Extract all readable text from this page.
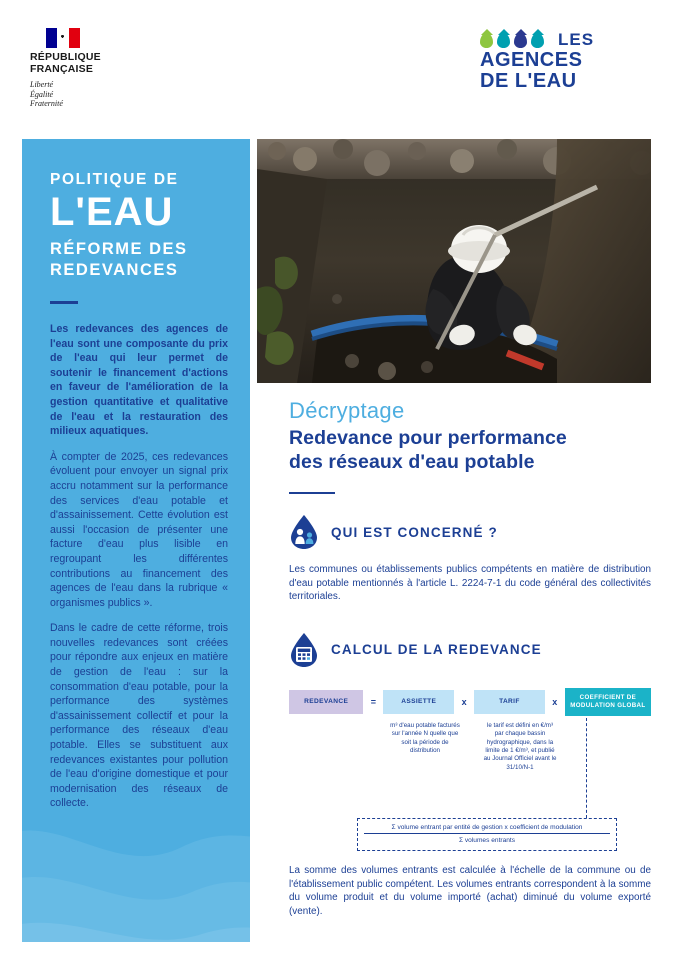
RÉPUBLIQUE
FRANÇAISE
Liberté
Égalité
Fraternité
LES
AGENCES
DE L'EAU
POLITIQUE DE
L'EAU
RÉFORME DES
REDEVANCES
Les redevances des agences de l'eau sont une composante du prix de l'eau qui leur permet de soutenir le financement d'actions en faveur de l'amélioration de la gestion quantitative et qualitative de l'eau et la restauration des milieux aquatiques.
À compter de 2025, ces redevances évoluent pour envoyer un signal prix accru notamment sur la performance des services d'eau potable et d'assainissement. Cette évolution est aussi l'occasion de présenter une facture d'eau plus lisible en regroupant les différentes contributions au financement des agences de l'eau dans la rubrique « organismes publics ».
Dans le cadre de cette réforme, trois nouvelles redevances sont créées pour répondre aux enjeux en matière de gestion de l'eau : sur la consommation d'eau potable, pour la performance des systèmes d'assainissement collectif et pour la performance des réseaux d'eau potable. Elles se substituent aux redevances existantes pour pollution de l'eau d'origine domestique et pour modernisation des réseaux de collecte.
Décryptage
Redevance pour performance
des réseaux d'eau potable
QUI EST CONCERNÉ ?
Les communes ou établissements publics compétents en matière de distribution d'eau potable mentionnés à l'article L. 2224-7-1 du code général des collectivités territoriales.
CALCUL DE LA REDEVANCE
REDEVANCE	=	ASSIETTE	x	TARIF	x	COEFFICIENT DE
MODULATION GLOBAL
m³ d'eau potable facturés sur l'année N quelle que soit la période de distribution
le tarif est défini en €/m³ par chaque bassin hydrographique, dans la limite de 1 €/m³, et publié au Journal Officiel avant le 31/10/N-1
Σ volume entrant par entité de gestion x coefficient de modulation
Σ volumes entrants
La somme des volumes entrants est calculée à l'échelle de la commune ou de l'établissement public compétent. Les volumes entrants correspondent à la somme du volume produit et du volume importé (achat) diminué du volume exporté (vente).
